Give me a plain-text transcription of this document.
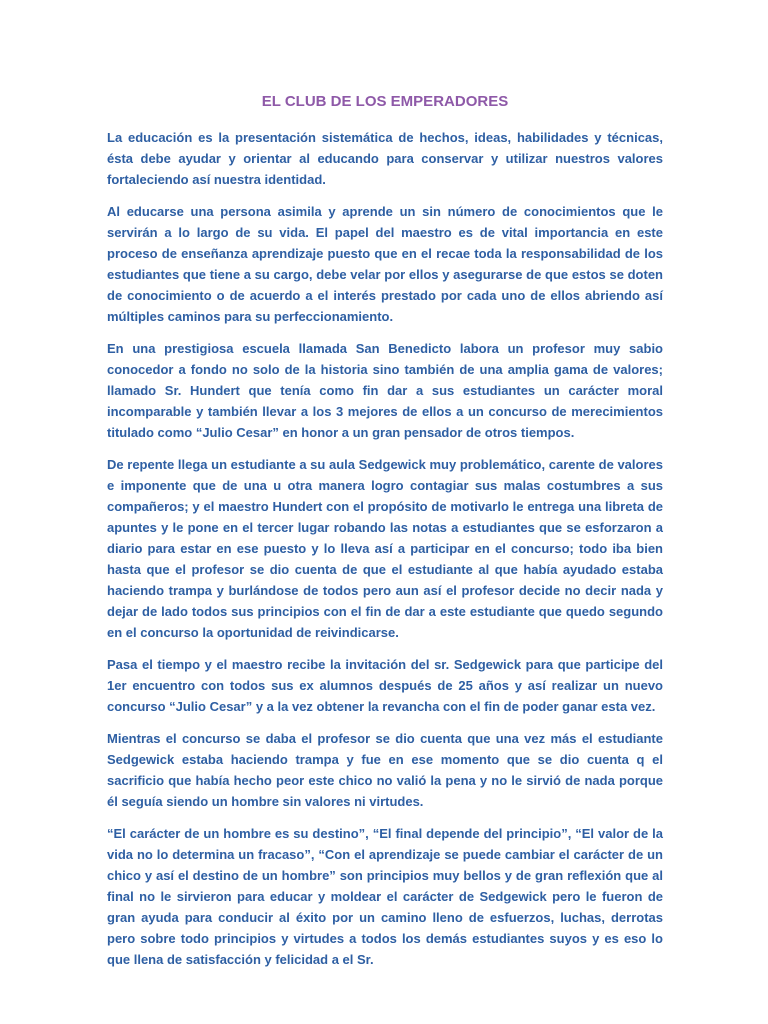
EL CLUB DE LOS EMPERADORES

La educación es la presentación sistemática de hechos, ideas, habilidades y técnicas, ésta debe ayudar y orientar al educando para conservar y utilizar nuestros valores fortaleciendo así nuestra identidad.

Al educarse una persona asimila y aprende un sin número de conocimientos que le servirán a lo largo de su vida. El papel del maestro es de vital importancia en este proceso de enseñanza aprendizaje puesto que en el recae toda la responsabilidad de los estudiantes que tiene a su cargo, debe velar por ellos y asegurarse de que estos se doten de conocimiento o de acuerdo a el interés prestado por cada uno de ellos abriendo así múltiples caminos para su perfeccionamiento.

En una prestigiosa escuela llamada San Benedicto labora un profesor muy sabio conocedor a fondo no solo de la historia sino también de una amplia gama de valores; llamado Sr. Hundert que tenía como fin dar a sus estudiantes un carácter moral incomparable y también llevar a los 3 mejores de ellos a un concurso de merecimientos titulado como “Julio Cesar” en honor a un gran pensador de otros tiempos.

De repente llega un estudiante a su aula Sedgewick muy problemático, carente de valores e imponente que de una u otra manera logro contagiar sus malas costumbres a sus compañeros; y el maestro Hundert con el propósito de motivarlo le entrega una libreta de apuntes y le pone en el tercer lugar robando las notas a estudiantes que se esforzaron a diario para estar en ese puesto y lo lleva así a participar en el concurso; todo iba bien hasta que el profesor se dio cuenta de que el estudiante al que había ayudado estaba haciendo trampa y burlándose de todos pero aun así el profesor decide no decir nada y dejar de lado todos sus principios con el fin de dar a este estudiante que quedo segundo en el concurso la oportunidad de reivindicarse.

Pasa el tiempo y el maestro recibe la invitación del sr. Sedgewick para que participe del 1er encuentro con todos sus ex alumnos después de 25 años y así realizar un nuevo concurso “Julio Cesar” y a la vez obtener la revancha con el fin de poder ganar esta vez.

Mientras el concurso se daba el profesor se dio cuenta que una vez más el estudiante Sedgewick estaba haciendo trampa y fue en ese momento que se dio cuenta q el sacrificio que había hecho peor este chico no valió la pena y no le sirvió de nada porque él seguía siendo un hombre sin valores ni virtudes.

“El carácter de un hombre es su destino”, “El final depende del principio”, “El valor de la vida no lo determina un fracaso”, “Con el aprendizaje se puede cambiar el carácter de un chico y así el destino de un hombre” son principios muy bellos y de gran reflexión que al final no le sirvieron para educar y moldear el carácter de Sedgewick pero le fueron de gran ayuda para conducir al éxito por un camino lleno de esfuerzos, luchas, derrotas pero sobre todo principios y virtudes a todos los demás estudiantes suyos y es eso lo que llena de satisfacción y felicidad a el Sr.
